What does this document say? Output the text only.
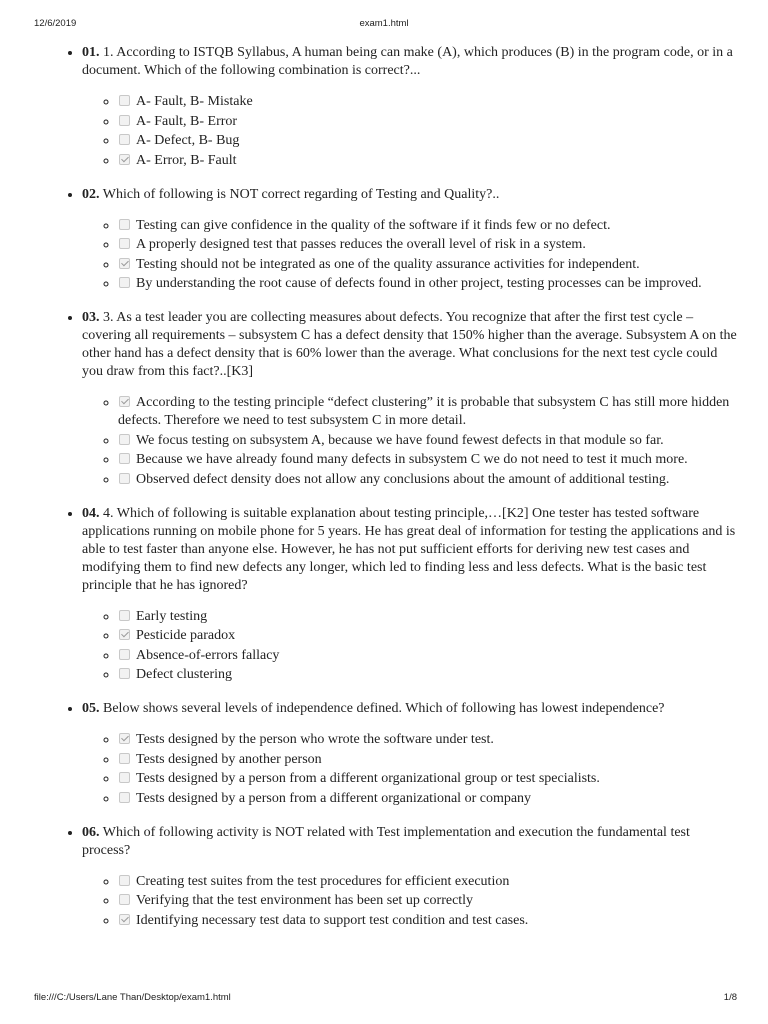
12/6/2019	exam1.html
• 01. 1. According to ISTQB Syllabus, A human being can make (A), which produces (B) in the program code, or in a document. Which of the following combination is correct?...
◦ A- Fault, B- Mistake
◦ A- Fault, B- Error
◦ A- Defect, B- Bug
◦ A- Error, B- Fault
• 02. Which of following is NOT correct regarding of Testing and Quality?..
◦ Testing can give confidence in the quality of the software if it finds few or no defect.
◦ A properly designed test that passes reduces the overall level of risk in a system.
◦ Testing should not be integrated as one of the quality assurance activities for independent.
◦ By understanding the root cause of defects found in other project, testing processes can be improved.
• 03. 3. As a test leader you are collecting measures about defects. You recognize that after the first test cycle – covering all requirements – subsystem C has a defect density that 150% higher than the average. Subsystem A on the other hand has a defect density that is 60% lower than the average. What conclusions for the next test cycle could you draw from this fact?..[K3]
◦ According to the testing principle “defect clustering” it is probable that subsystem C has still more hidden defects. Therefore we need to test subsystem C in more detail.
◦ We focus testing on subsystem A, because we have found fewest defects in that module so far.
◦ Because we have already found many defects in subsystem C we do not need to test it much more.
◦ Observed defect density does not allow any conclusions about the amount of additional testing.
• 04. 4. Which of following is suitable explanation about testing principle,…[K2] One tester has tested software applications running on mobile phone for 5 years. He has great deal of information for testing the applications and is able to test faster than anyone else. However, he has not put sufficient efforts for deriving new test cases and modifying them to find new defects any longer, which led to finding less and less defects. What is the basic test principle that he has ignored?
◦ Early testing
◦ Pesticide paradox
◦ Absence-of-errors fallacy
◦ Defect clustering
• 05. Below shows several levels of independence defined. Which of following has lowest independence?
◦ Tests designed by the person who wrote the software under test.
◦ Tests designed by another person
◦ Tests designed by a person from a different organizational group or test specialists.
◦ Tests designed by a person from a different organizational or company
• 06. Which of following activity is NOT related with Test implementation and execution the fundamental test process?
◦ Creating test suites from the test procedures for efficient execution
◦ Verifying that the test environment has been set up correctly
◦ Identifying necessary test data to support test condition and test cases.
file:///C:/Users/Lane Than/Desktop/exam1.html	1/8
